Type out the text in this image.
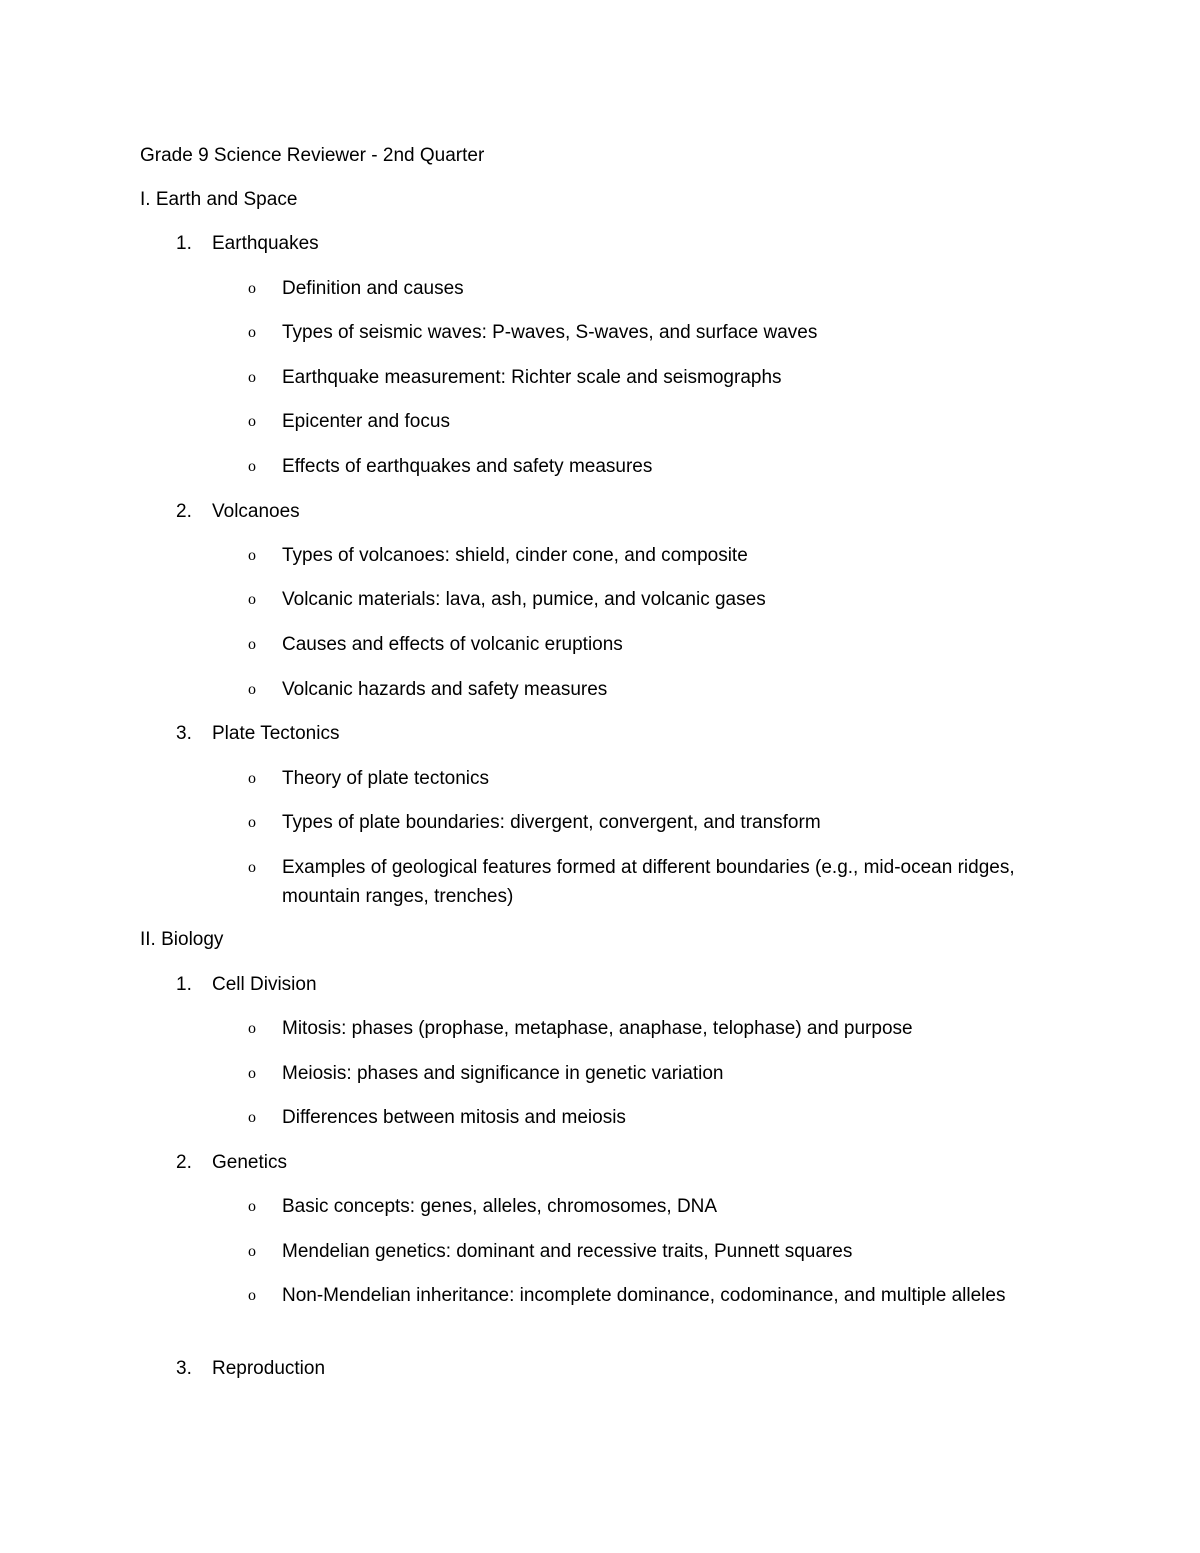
Grade 9 Science Reviewer - 2nd Quarter
I. Earth and Space
1. Earthquakes
o Definition and causes
o Types of seismic waves: P-waves, S-waves, and surface waves
o Earthquake measurement: Richter scale and seismographs
o Epicenter and focus
o Effects of earthquakes and safety measures
2. Volcanoes
o Types of volcanoes: shield, cinder cone, and composite
o Volcanic materials: lava, ash, pumice, and volcanic gases
o Causes and effects of volcanic eruptions
o Volcanic hazards and safety measures
3. Plate Tectonics
o Theory of plate tectonics
o Types of plate boundaries: divergent, convergent, and transform
o Examples of geological features formed at different boundaries (e.g., mid-ocean ridges, mountain ranges, trenches)
II. Biology
1. Cell Division
o Mitosis: phases (prophase, metaphase, anaphase, telophase) and purpose
o Meiosis: phases and significance in genetic variation
o Differences between mitosis and meiosis
2. Genetics
o Basic concepts: genes, alleles, chromosomes, DNA
o Mendelian genetics: dominant and recessive traits, Punnett squares
o Non-Mendelian inheritance: incomplete dominance, codominance, and multiple alleles
3. Reproduction
